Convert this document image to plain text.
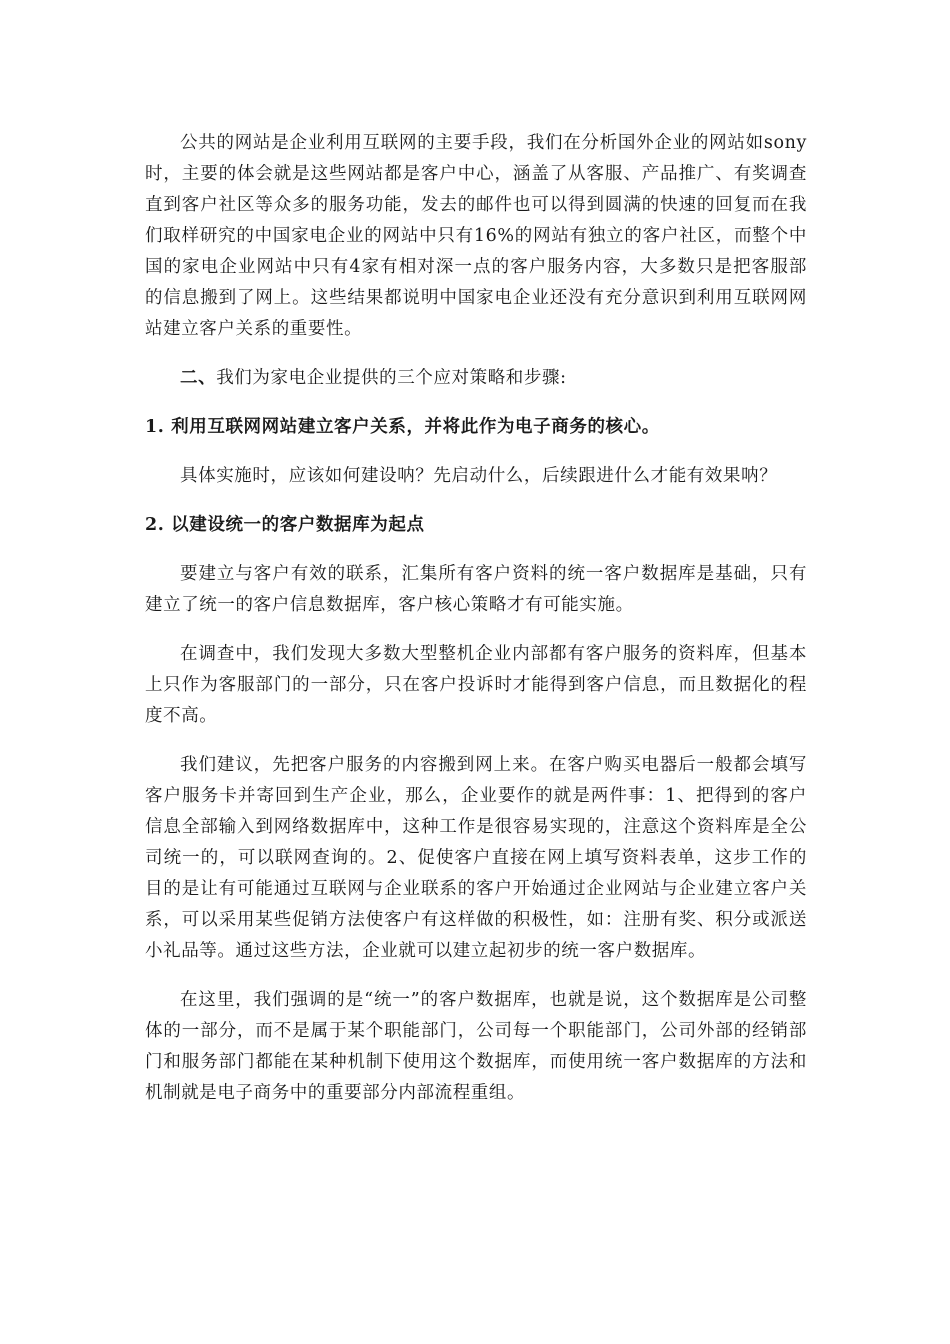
公共的网站是企业利用互联网的主要手段，我们在分析国外企业的网站如sony时，主要的体会就是这些网站都是客户中心，涵盖了从客服、产品推广、有奖调查直到客户社区等众多的服务功能，发去的邮件也可以得到圆满的快速的回复而在我们取样研究的中国家电企业的网站中只有16%的网站有独立的客户社区，而整个中国的家电企业网站中只有4家有相对深一点的客户服务内容，大多数只是把客服部的信息搬到了网上。这些结果都说明中国家电企业还没有充分意识到利用互联网网站建立客户关系的重要性。

二、我们为家电企业提供的三个应对策略和步骤:

1. 利用互联网网站建立客户关系，并将此作为电子商务的核心。

具体实施时，应该如何建设呐？先启动什么，后续跟进什么才能有效果呐？

2. 以建设统一的客户数据库为起点

要建立与客户有效的联系，汇集所有客户资料的统一客户数据库是基础，只有建立了统一的客户信息数据库，客户核心策略才有可能实施。

在调查中，我们发现大多数大型整机企业内部都有客户服务的资料库，但基本上只作为客服部门的一部分，只在客户投诉时才能得到客户信息，而且数据化的程度不高。

我们建议，先把客户服务的内容搬到网上来。在客户购买电器后一般都会填写客户服务卡并寄回到生产企业，那么，企业要作的就是两件事：1、把得到的客户信息全部输入到网络数据库中，这种工作是很容易实现的，注意这个资料库是全公司统一的，可以联网查询的。2、促使客户直接在网上填写资料表单，这步工作的目的是让有可能通过互联网与企业联系的客户开始通过企业网站与企业建立客户关系，可以采用某些促销方法使客户有这样做的积极性，如：注册有奖、积分或派送小礼品等。通过这些方法，企业就可以建立起初步的统一客户数据库。

在这里，我们强调的是“统一”的客户数据库，也就是说，这个数据库是公司整体的一部分，而不是属于某个职能部门，公司每一个职能部门，公司外部的经销部门和服务部门都能在某种机制下使用这个数据库，而使用统一客户数据库的方法和机制就是电子商务中的重要部分内部流程重组。
